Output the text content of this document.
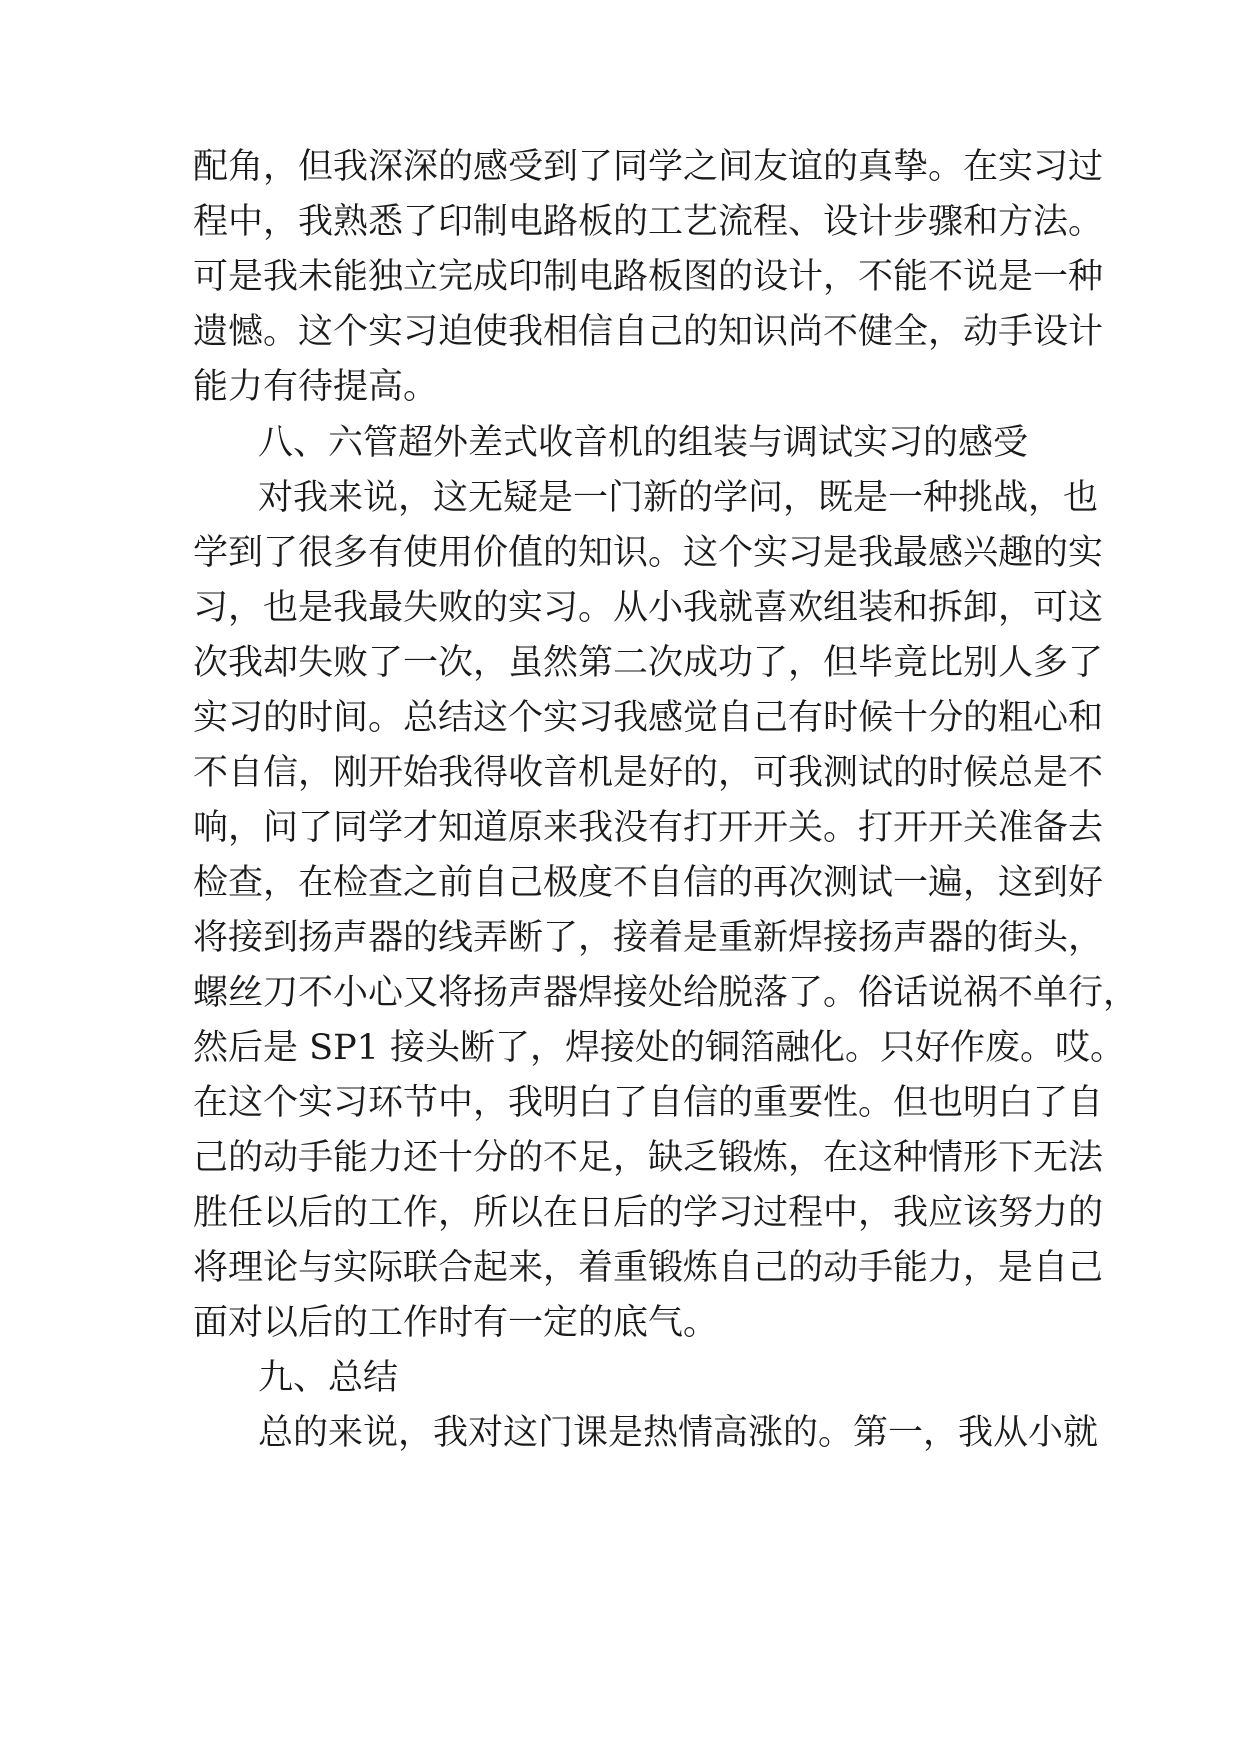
配角，但我深深的感受到了同学之间友谊的真挚。在实习过
程中，我熟悉了印制电路板的工艺流程、设计步骤和方法。
可是我未能独立完成印制电路板图的设计，不能不说是一种
遗憾。这个实习迫使我相信自己的知识尚不健全，动手设计
能力有待提高。
八、六管超外差式收音机的组装与调试实习的感受
对我来说，这无疑是一门新的学问，既是一种挑战，也
学到了很多有使用价值的知识。这个实习是我最感兴趣的实
习，也是我最失败的实习。从小我就喜欢组装和拆卸，可这
次我却失败了一次，虽然第二次成功了，但毕竟比别人多了
实习的时间。总结这个实习我感觉自己有时候十分的粗心和
不自信，刚开始我得收音机是好的，可我测试的时候总是不
响，问了同学才知道原来我没有打开开关。打开开关准备去
检查，在检查之前自己极度不自信的再次测试一遍，这到好
将接到扬声器的线弄断了，接着是重新焊接扬声器的街头，
螺丝刀不小心又将扬声器焊接处给脱落了。俗话说祸不单行，
然后是 SP1 接头断了，焊接处的铜箔融化。只好作废。哎。
在这个实习环节中，我明白了自信的重要性。但也明白了自
己的动手能力还十分的不足，缺乏锻炼，在这种情形下无法
胜任以后的工作，所以在日后的学习过程中，我应该努力的
将理论与实际联合起来，着重锻炼自己的动手能力，是自己
面对以后的工作时有一定的底气。
九、总结
总的来说，我对这门课是热情高涨的。第一，我从小就
